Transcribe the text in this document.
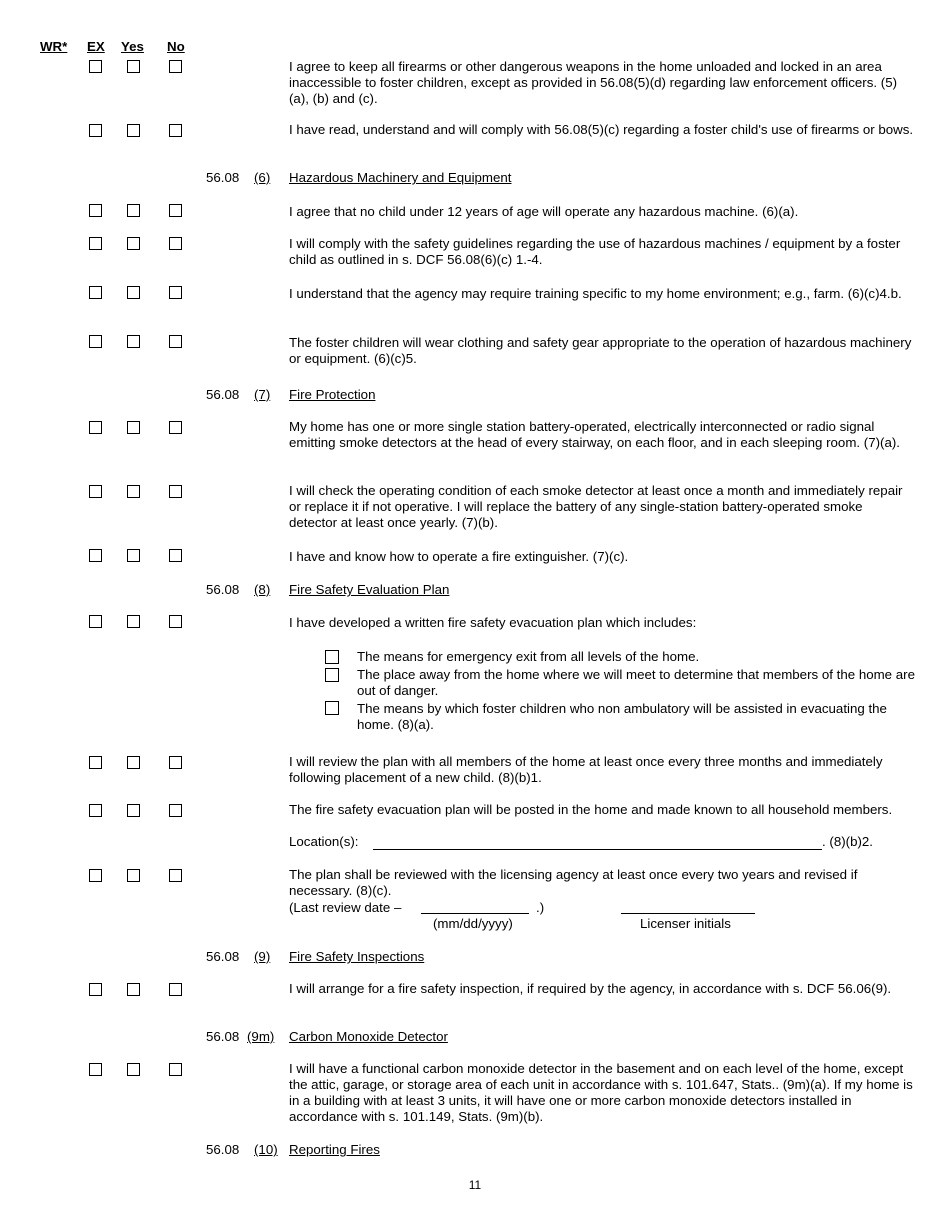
WR* EX Yes No
I agree to keep all firearms or other dangerous weapons in the home unloaded and locked in an area inaccessible to foster children, except as provided in 56.08(5)(d) regarding law enforcement officers. (5)(a), (b) and (c).
I have read, understand and will comply with 56.08(5)(c) regarding a foster child's use of firearms or bows.
56.08 (6) Hazardous Machinery and Equipment
I agree that no child under 12 years of age will operate any hazardous machine. (6)(a).
I will comply with the safety guidelines regarding the use of hazardous machines / equipment by a foster child as outlined in s. DCF 56.08(6)(c) 1.-4.
I understand that the agency may require training specific to my home environment; e.g., farm. (6)(c)4.b.
The foster children will wear clothing and safety gear appropriate to the operation of hazardous machinery or equipment. (6)(c)5.
56.08 (7) Fire Protection
My home has one or more single station battery-operated, electrically interconnected or radio signal emitting smoke detectors at the head of every stairway, on each floor, and in each sleeping room. (7)(a).
I will check the operating condition of each smoke detector at least once a month and immediately repair or replace it if not operative. I will replace the battery of any single-station battery-operated smoke detector at least once yearly. (7)(b).
I have and know how to operate a fire extinguisher. (7)(c).
56.08 (8) Fire Safety Evaluation Plan
I have developed a written fire safety evacuation plan which includes:
The means for emergency exit from all levels of the home.
The place away from the home where we will meet to determine that members of the home are out of danger.
The means by which foster children who non ambulatory will be assisted in evacuating the home. (8)(a).
I will review the plan with all members of the home at least once every three months and immediately following placement of a new child. (8)(b)1.
The fire safety evacuation plan will be posted in the home and made known to all household members.
Location(s):	. (8)(b)2.
The plan shall be reviewed with the licensing agency at least once every two years and revised if necessary. (8)(c).
(Last review date –	.)
(mm/dd/yyyy)	Licenser initials
56.08 (9) Fire Safety Inspections
I will arrange for a fire safety inspection, if required by the agency, in accordance with s. DCF 56.06(9).
56.08 (9m) Carbon Monoxide Detector
I will have a functional carbon monoxide detector in the basement and on each level of the home, except the attic, garage, or storage area of each unit in accordance with s. 101.647, Stats.. (9m)(a). If my home is in a building with at least 3 units, it will have one or more carbon monoxide detectors installed in accordance with s. 101.149, Stats. (9m)(b).
56.08 (10) Reporting Fires
11
